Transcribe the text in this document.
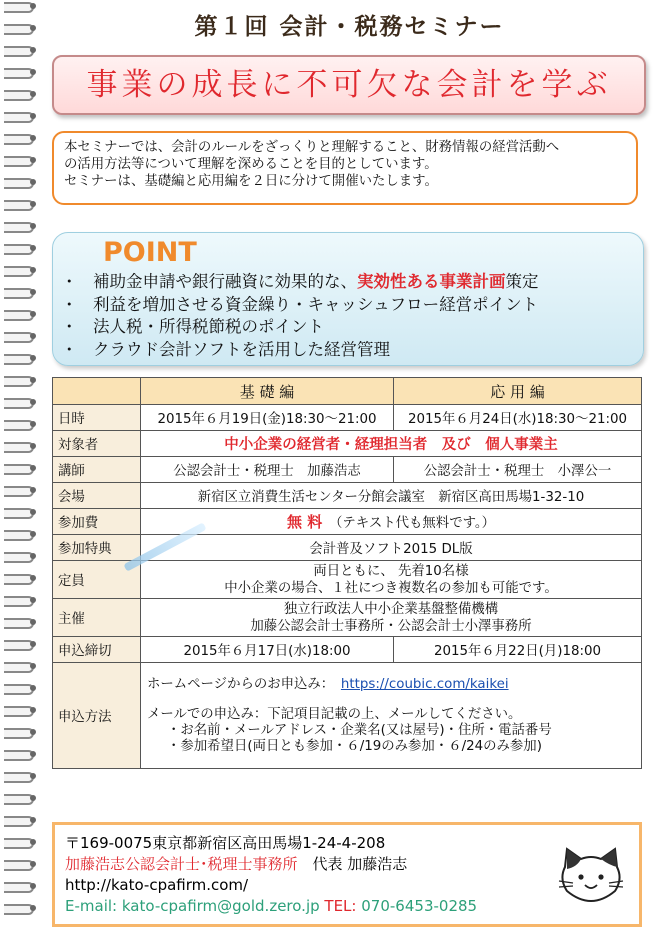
第１回 会計・税務セミナー
事業の成長に不可欠な会計を学ぶ
本セミナーでは、会計のルールをざっくりと理解すること、財務情報の経営活動へ
の活用方法等について理解を深めることを目的としています。
セミナーは、基礎編と応用編を２日に分けて開催いたします。
POINT
・ 補助金申請や銀行融資に効果的な、実効性ある事業計画策定
・ 利益を増加させる資金繰り・キャッシュフロー経営ポイント
・ 法人税・所得税節税のポイント
・ クラウド会計ソフトを活用した経営管理
	基 礎 編	応 用 編
日時	2015年６月19日(金)18:30～21:00	2015年６月24日(水)18:30～21:00
対象者	中小企業の経営者・経理担当者　及び　個人事業主	
講師	公認会計士・税理士　加藤浩志	公認会計士・税理士　小澤公一
会場	新宿区立消費生活センター分館会議室　新宿区高田馬場1-32-10	
参加費	無 料　 （テキスト代も無料です。）	
参加特典	会計普及ソフト2015 DL版	
定員	両日ともに、 先着10名様
中小企業の場合、１社につき複数名の参加も可能です。	

主催	独立行政法人中小企業基盤整備機構
加藤公認会計士事務所・公認会計士小澤事務所	

申込締切	2015年６月17日(水)18:00	2015年６月22日(月)18:00
申込方法	ホームページからのお申込み：　 https://coubic.com/kaikei
メールでの申込み：下記項目記載の上、メールしてください。
・お名前・メールアドレス・企業名(又は屋号)・住所・電話番号
・参加希望日(両日とも参加・６/19のみ参加・６/24のみ参加)	
〒169-0075東京都新宿区高田馬場1-24-4-208
加藤浩志公認会計士･税理士事務所　 代表 加藤浩志
http://kato-cpafirm.com/
E-mail: kato-cpafirm@gold.zero.jp TEL: 070-6453-0285
